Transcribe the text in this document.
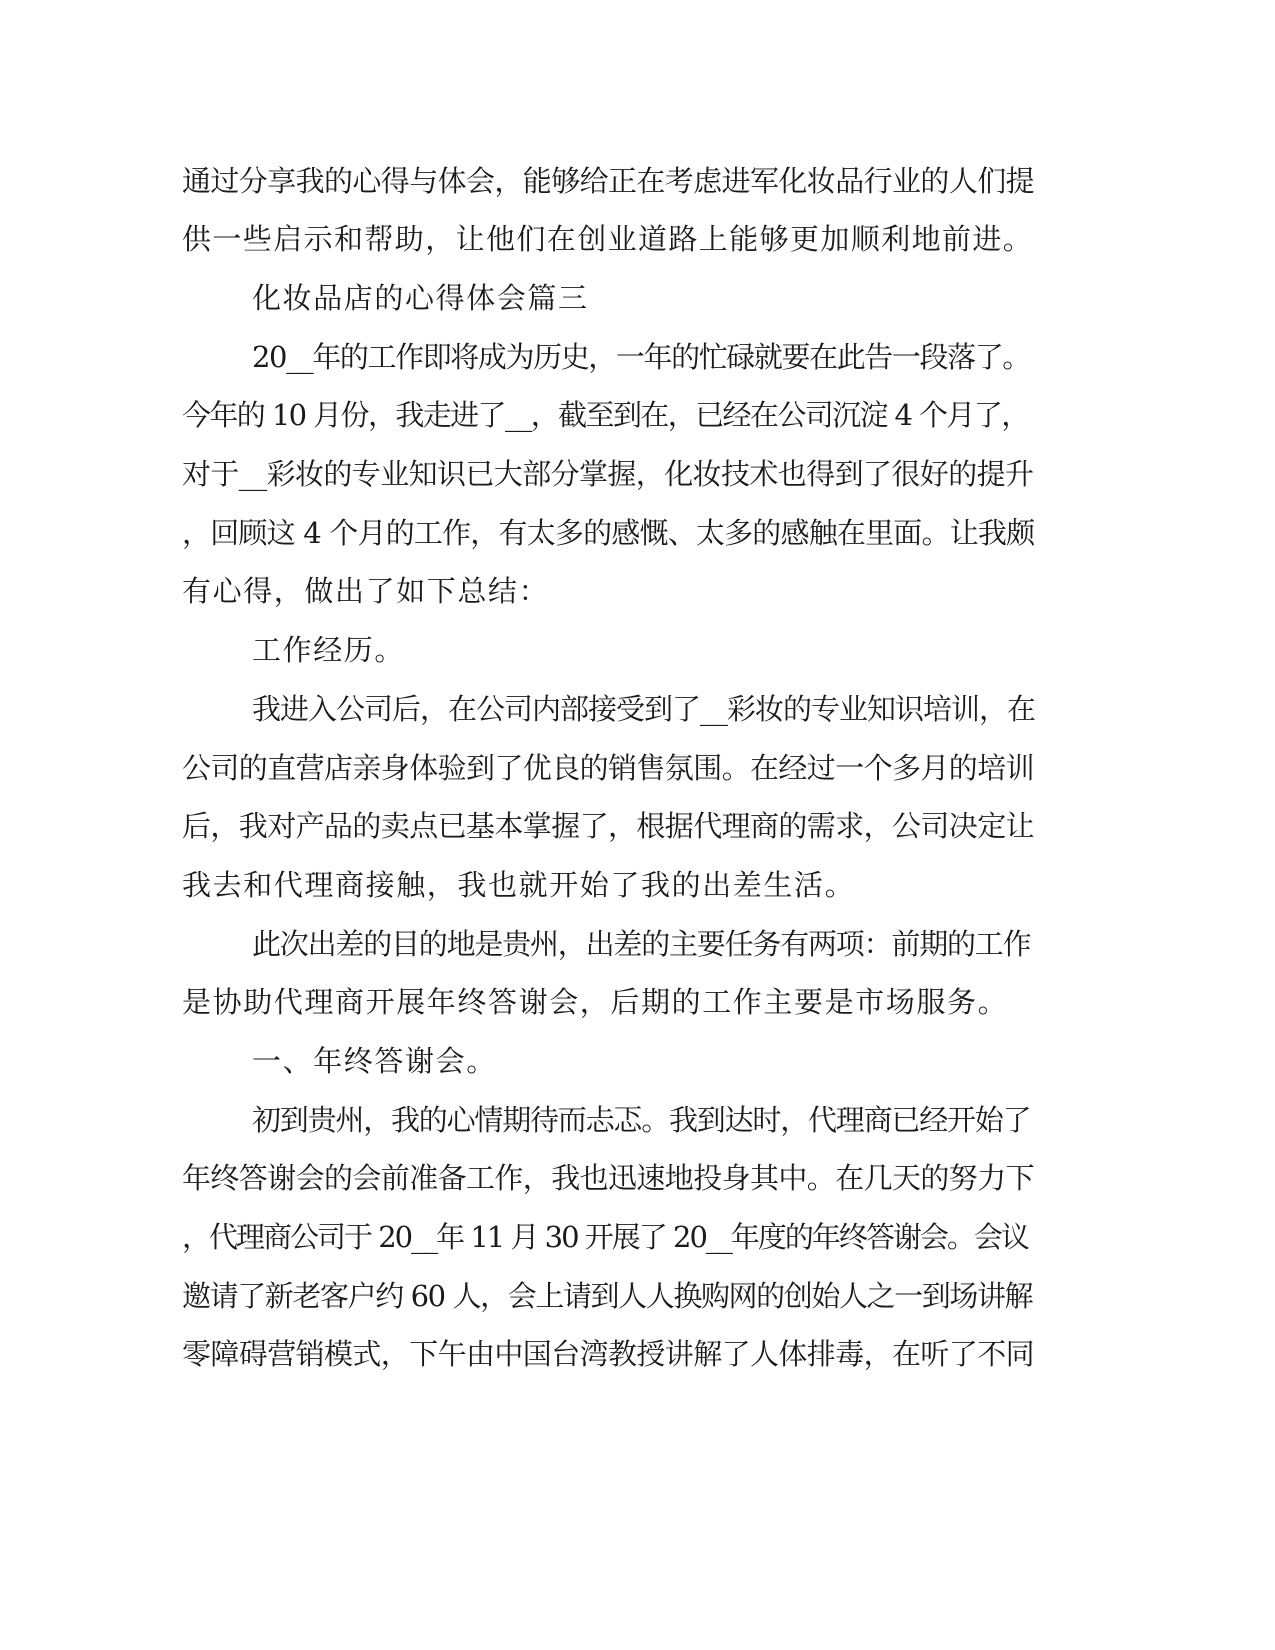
通过分享我的心得与体会，能够给正在考虑进军化妆品行业的人们提
供一些启示和帮助，让他们在创业道路上能够更加顺利地前进。
化妆品店的心得体会篇三
20__年的工作即将成为历史，一年的忙碌就要在此告一段落了。
今年的 10 月份，我走进了__，截至到在，已经在公司沉淀 4 个月了，
对于__彩妆的专业知识已大部分掌握，化妆技术也得到了很好的提升
，回顾这 4 个月的工作，有太多的感慨、太多的感触在里面。让我颇
有心得，做出了如下总结：
工作经历。
我进入公司后，在公司内部接受到了__彩妆的专业知识培训，在
公司的直营店亲身体验到了优良的销售氛围。在经过一个多月的培训
后，我对产品的卖点已基本掌握了，根据代理商的需求，公司决定让
我去和代理商接触，我也就开始了我的出差生活。
此次出差的目的地是贵州，出差的主要任务有两项：前期的工作
是协助代理商开展年终答谢会，后期的工作主要是市场服务。
一、年终答谢会。
初到贵州，我的心情期待而忐忑。我到达时，代理商已经开始了
年终答谢会的会前准备工作，我也迅速地投身其中。在几天的努力下
，代理商公司于 20__年 11 月 30 开展了 20__年度的年终答谢会。会议
邀请了新老客户约 60 人，会上请到人人换购网的创始人之一到场讲解
零障碍营销模式，下午由中国台湾教授讲解了人体排毒，在听了不同
